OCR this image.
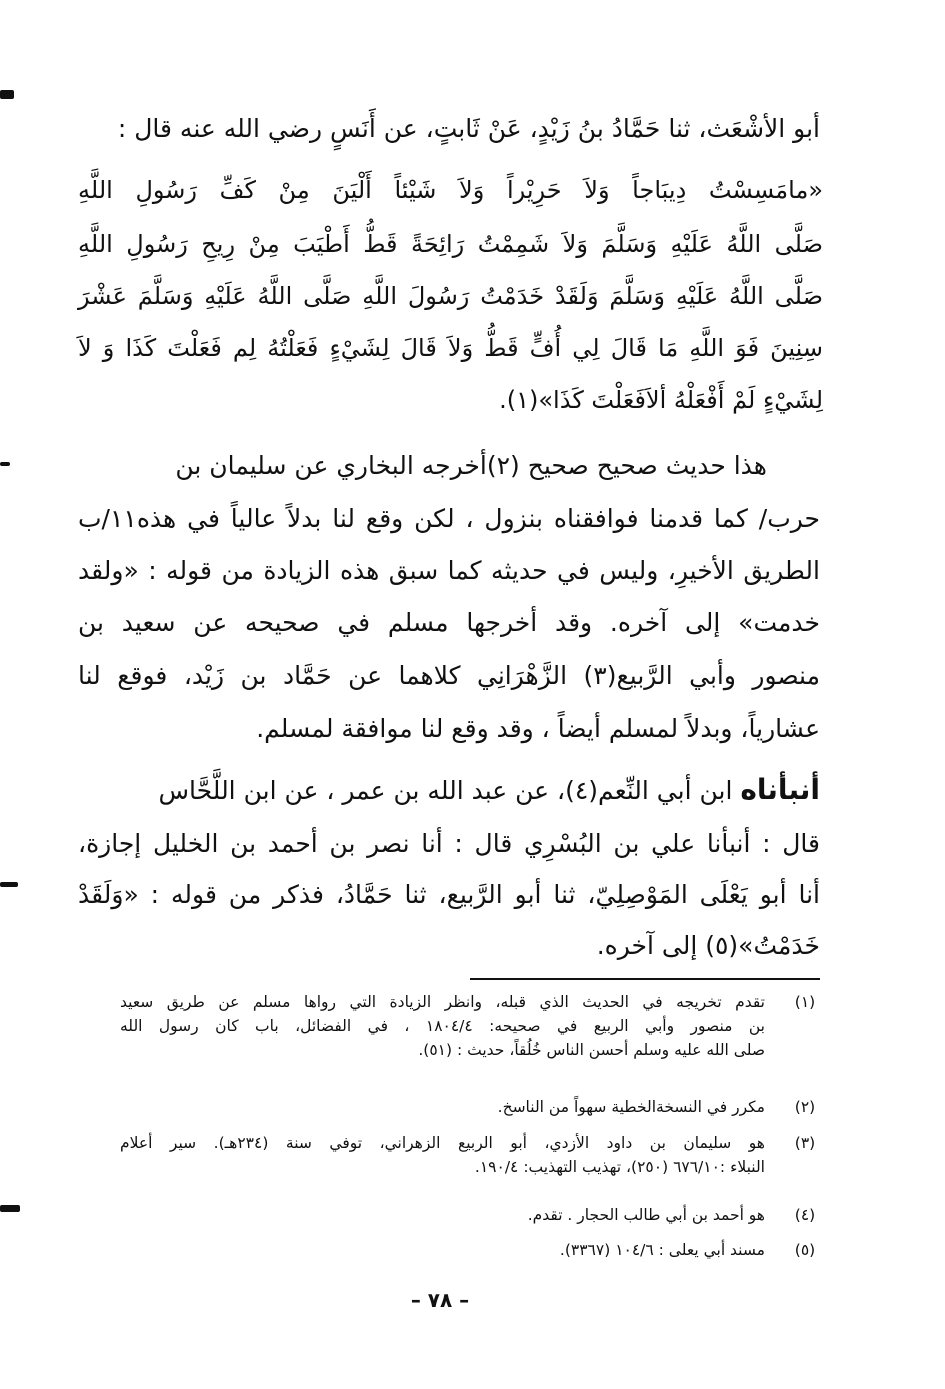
أبو الأشْعَث، ثنا حَمَّادُ بنُ زَيْدٍ، عَنْ ثَابتٍ، عن أَنَسٍ رضي الله عنه قال :
«مامَسِسْتُ دِيبَاجاً وَلاَ حَرِيْراً وَلاَ شَيْئاً أَلْيَنَ مِنْ كَفِّ رَسُولِ اللَّهِ
صَلَّى اللَّهُ عَلَيْهِ وَسَلَّمَ وَلاَ شَمِمْتُ رَائِحَةً قَطُّ أَطْيَبَ مِنْ رِيحِ رَسُولِ اللَّهِ
صَلَّى اللَّهُ عَلَيْهِ وَسَلَّمَ وَلَقَدْ خَدَمْتُ رَسُولَ اللَّهِ صَلَّى اللَّهُ عَلَيْهِ وَسَلَّمَ عَشْرَ
سِنِينَ فَوَ اللَّهِ مَا قَالَ لِي أُفٍّ قَطُّ وَلاَ قَالَ لِشَيْءٍ فَعَلْتُهُ لِم فَعَلْتَ كَذَا وَ لاَ
لِشَيْءٍ لَمْ أَفْعَلْهُ ألاَفَعَلْتَ كَذَا»(١).
هذا حديث صحيح صحيح (٢)أخرجه البخاري عن سليمان بن
حرب/ كما قدمنا فوافقناه بنزول ، لكن وقع لنا بدلاً عالياً في هذه١١/ب
الطريق الأخيرِ، وليس في حديثه كما سبق هذه الزيادة من قوله : «ولقد
خدمت» إلى آخره. وقد أخرجها مسلم في صحيحه عن سعيد بن
منصور وأبي الرَّبيع(٣) الزَّهْرَانِي كلاهما عن حَمَّاد بن زَيْد، فوقع لنا
عشارياً، وبدلاً لمسلم أيضاً ، وقد وقع لنا موافقة لمسلم.
أنبأناه ابن أبي النِّعم(٤)، عن عبد الله بن عمر ، عن ابن اللَّحَّاس
قال : أنبأنا علي بن البُسْرِي قال : أنا نصر بن أحمد بن الخليل إجازة،
أنا أبو يَعْلَى المَوْصِلِيّ، ثنا أبو الرَّبيع، ثنا حَمَّادُ، فذكر من قوله : «وَلَقَدْ
خَدَمْتُ»(٥) إلى آخره.
(١)
تقدم تخريجه في الحديث الذي قبله، وانظر الزيادة التي رواها مسلم عن طريق سعيد
بن منصور وأبي الربيع في صحيحه: ١٨٠٤/٤ ، في الفضائل، باب كان رسول الله
صلى الله عليه وسلم أحسن الناس خُلُقاً، حديث : (٥١).
(٢)
مكرر في النسخةالخطية سهواً من الناسخ.
(٣)
هو سليمان بن داود الأزدي، أبو الربيع الزهراني، توفي سنة (٢٣٤هـ). سير أعلام
النبلاء :٦٧٦/١٠ (٢٥٠)، تهذيب التهذيب: ١٩٠/٤.
(٤)
هو أحمد بن أبي طالب الحجار . تقدم.
(٥)
مسند أبي يعلى : ١٠٤/٦ (٣٣٦٧).
– ٧٨ –
